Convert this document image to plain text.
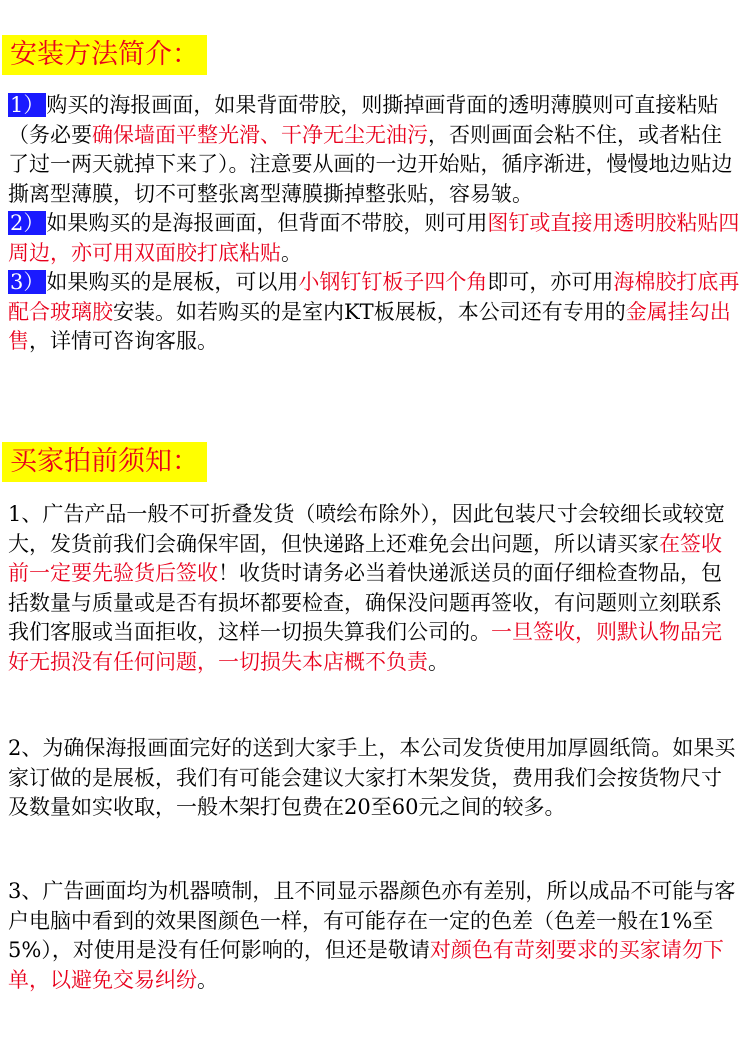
安装方法简介：

1）购买的海报画面，如果背面带胶，则撕掉画背面的透明薄膜则可直接粘贴（务必要确保墙面平整光滑、干净无尘无油污，否则画面会粘不住，或者粘住了过一两天就掉下来了）。注意要从画的一边开始贴，循序渐进，慢慢地边贴边撕离型薄膜，切不可整张离型薄膜撕掉整张贴，容易皱。

2）如果购买的是海报画面，但背面不带胶，则可用图钉或直接用透明胶粘贴四周边，亦可用双面胶打底粘贴。

3）如果购买的是展板，可以用小钢钉钉板子四个角即可，亦可用海棉胶打底再配合玻璃胶安装。如若购买的是室内KT板展板，本公司还有专用的金属挂勾出售，详情可咨询客服。

买家拍前须知：

1、广告产品一般不可折叠发货（喷绘布除外），因此包装尺寸会较细长或较宽大，发货前我们会确保牢固，但快递路上还难免会出问题，所以请买家在签收前一定要先验货后签收！收货时请务必当着快递派送员的面仔细检查物品，包括数量与质量或是否有损坏都要检查，确保没问题再签收，有问题则立刻联系我们客服或当面拒收，这样一切损失算我们公司的。一旦签收，则默认物品完好无损没有任何问题，一切损失本店概不负责。

2、为确保海报画面完好的送到大家手上，本公司发货使用加厚圆纸筒。如果买家订做的是展板，我们有可能会建议大家打木架发货，费用我们会按货物尺寸及数量如实收取，一般木架打包费在20至60元之间的较多。

3、广告画面均为机器喷制，且不同显示器颜色亦有差别，所以成品不可能与客户电脑中看到的效果图颜色一样，有可能存在一定的色差（色差一般在1%至5%），对使用是没有任何影响的，但还是敬请对颜色有苛刻要求的买家请勿下单，以避免交易纠纷。
